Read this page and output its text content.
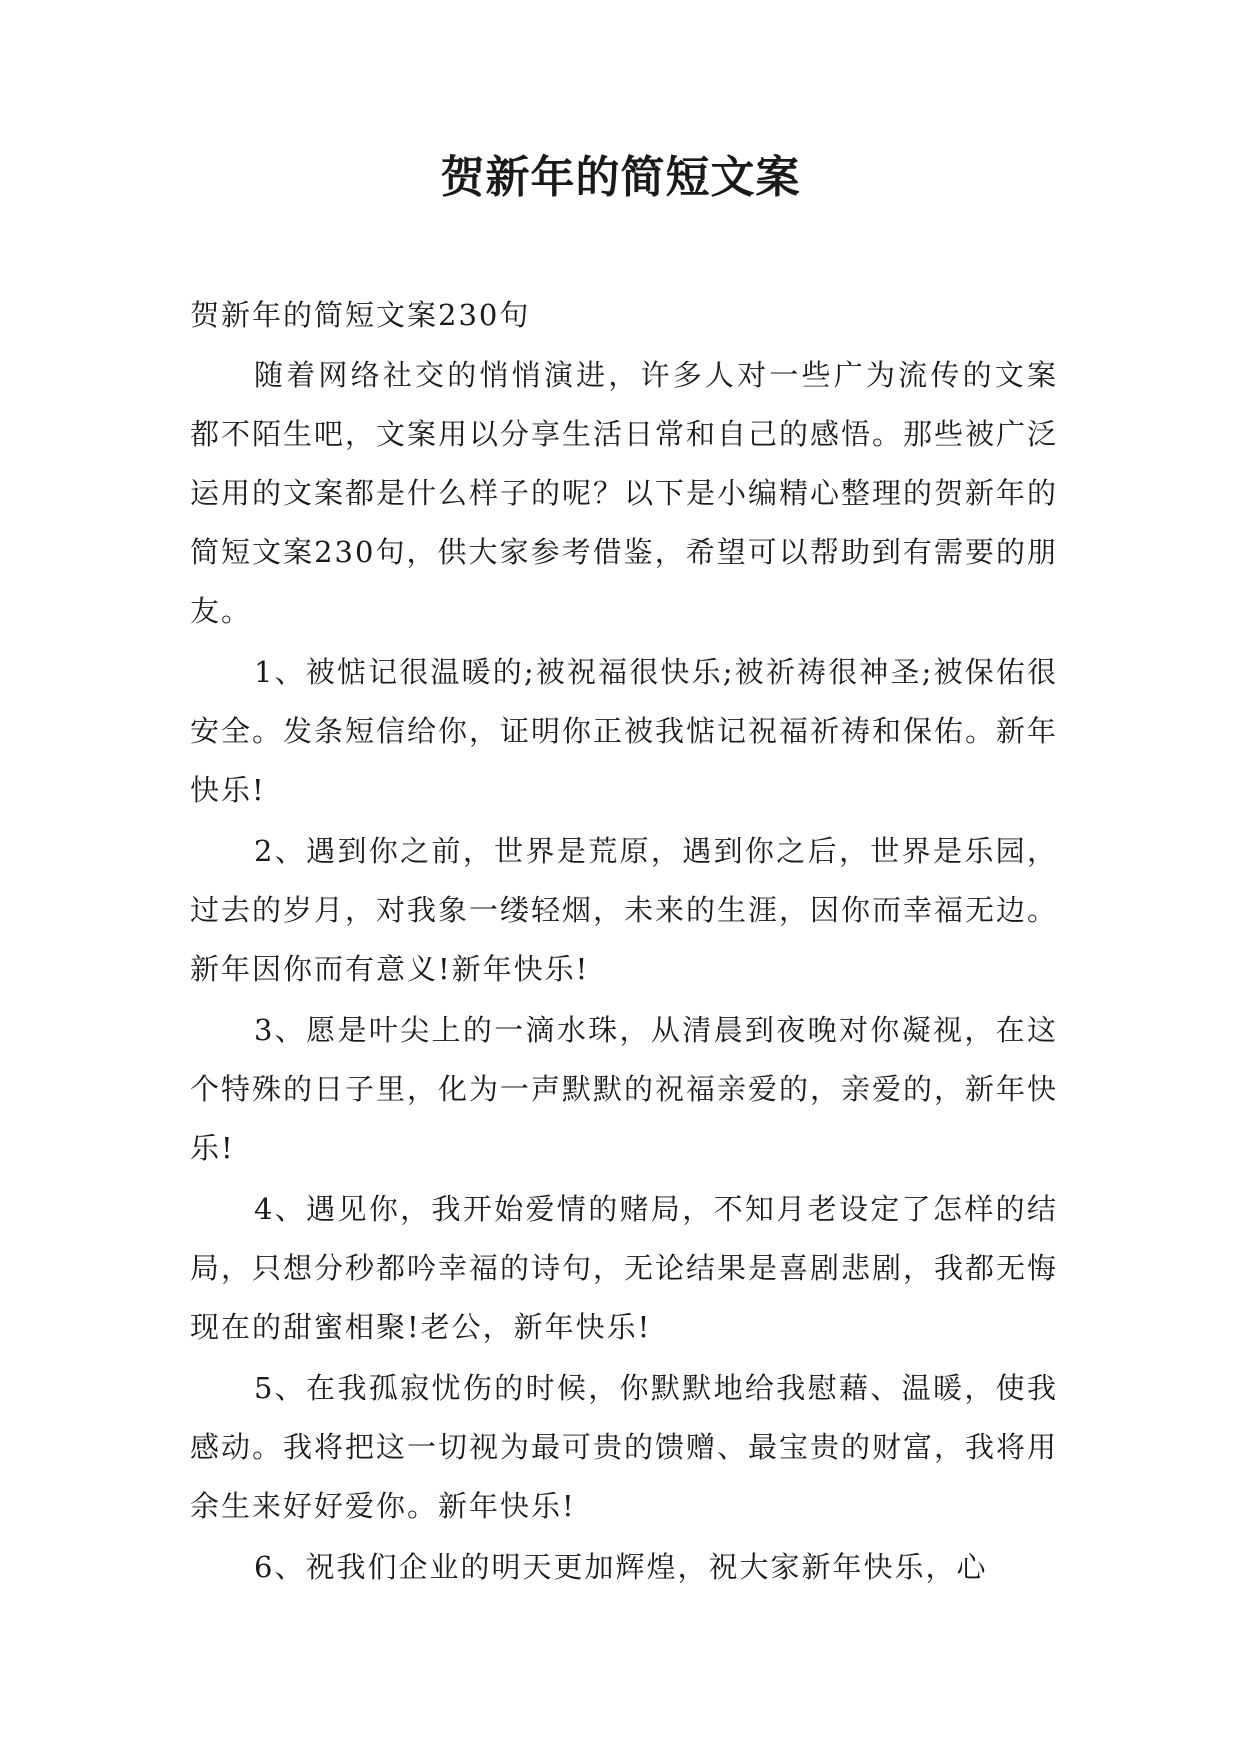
贺新年的简短文案

贺新年的简短文案230句

随着网络社交的悄悄演进，许多人对一些广为流传的文案都不陌生吧，文案用以分享生活日常和自己的感悟。那些被广泛运用的文案都是什么样子的呢？以下是小编精心整理的贺新年的简短文案230句，供大家参考借鉴，希望可以帮助到有需要的朋友。

1、被惦记很温暖的;被祝福很快乐;被祈祷很神圣;被保佑很安全。发条短信给你，证明你正被我惦记祝福祈祷和保佑。新年快乐!

2、遇到你之前，世界是荒原，遇到你之后，世界是乐园，过去的岁月，对我象一缕轻烟，未来的生涯，因你而幸福无边。新年因你而有意义!新年快乐!

3、愿是叶尖上的一滴水珠，从清晨到夜晚对你凝视，在这个特殊的日子里，化为一声默默的祝福亲爱的，亲爱的，新年快乐!

4、遇见你，我开始爱情的赌局，不知月老设定了怎样的结局，只想分秒都吟幸福的诗句，无论结果是喜剧悲剧，我都无悔现在的甜蜜相聚!老公，新年快乐!

5、在我孤寂忧伤的时候，你默默地给我慰藉、温暖，使我感动。我将把这一切视为最可贵的馈赠、最宝贵的财富，我将用余生来好好爱你。新年快乐!

6、祝我们企业的明天更加辉煌，祝大家新年快乐，心
